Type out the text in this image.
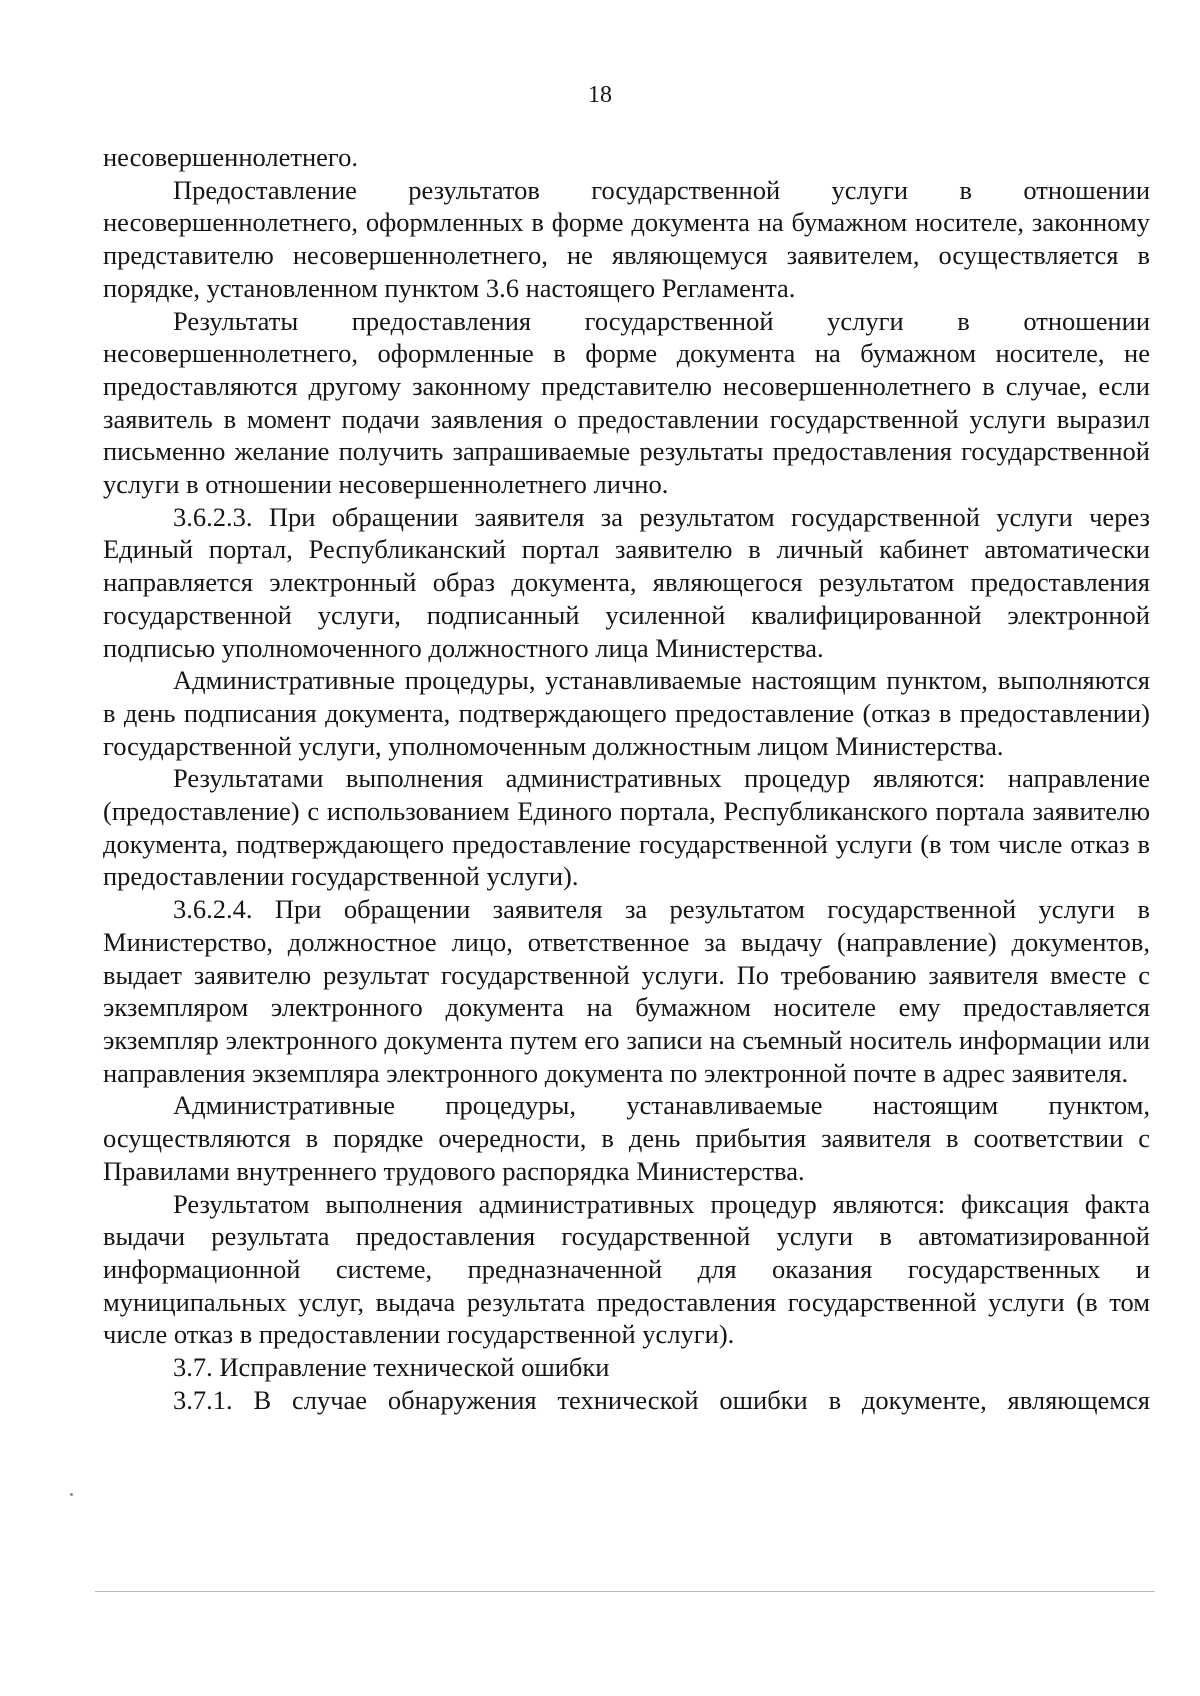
18

несовершеннолетнего.

Предоставление результатов государственной услуги в отношении несовершеннолетнего, оформленных в форме документа на бумажном носителе, законному представителю несовершеннолетнего, не являющемуся заявителем, осуществляется в порядке, установленном пунктом 3.6 настоящего Регламента.

Результаты предоставления государственной услуги в отношении несовершеннолетнего, оформленные в форме документа на бумажном носителе, не предоставляются другому законному представителю несовершеннолетнего в случае, если заявитель в момент подачи заявления о предоставлении государственной услуги выразил письменно желание получить запрашиваемые результаты предоставления государственной услуги в отношении несовершеннолетнего лично.

3.6.2.3. При обращении заявителя за результатом государственной услуги через Единый портал, Республиканский портал заявителю в личный кабинет автоматически направляется электронный образ документа, являющегося результатом предоставления государственной услуги, подписанный усиленной квалифицированной электронной подписью уполномоченного должностного лица Министерства.

Административные процедуры, устанавливаемые настоящим пунктом, выполняются в день подписания документа, подтверждающего предоставление (отказ в предоставлении) государственной услуги, уполномоченным должностным лицом Министерства.

Результатами выполнения административных процедур являются: направление (предоставление) с использованием Единого портала, Республиканского портала заявителю документа, подтверждающего предоставление государственной услуги (в том числе отказ в предоставлении государственной услуги).

3.6.2.4. При обращении заявителя за результатом государственной услуги в Министерство, должностное лицо, ответственное за выдачу (направление) документов, выдает заявителю результат государственной услуги. По требованию заявителя вместе с экземпляром электронного документа на бумажном носителе ему предоставляется экземпляр электронного документа путем его записи на съемный носитель информации или направления экземпляра электронного документа по электронной почте в адрес заявителя.

Административные процедуры, устанавливаемые настоящим пунктом, осуществляются в порядке очередности, в день прибытия заявителя в соответствии с Правилами внутреннего трудового распорядка Министерства.

Результатом выполнения административных процедур являются: фиксация факта выдачи результата предоставления государственной услуги в автоматизированной информационной системе, предназначенной для оказания государственных и муниципальных услуг, выдача результата предоставления государственной услуги (в том числе отказ в предоставлении государственной услуги).

3.7. Исправление технической ошибки

3.7.1. В случае обнаружения технической ошибки в документе, являющемся
